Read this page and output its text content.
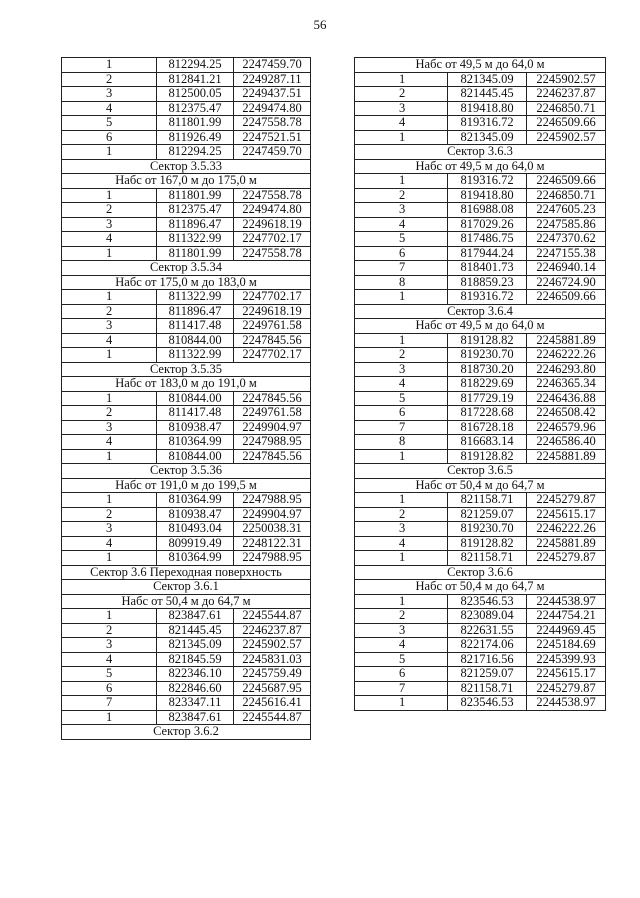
56
1	812294.25	2247459.70
2	812841.21	2249287.11
3	812500.05	2249437.51
4	812375.47	2249474.80
5	811801.99	2247558.78
6	811926.49	2247521.51
1	812294.25	2247459.70
Сектор 3.5.33		
Набс от 167,0 м до 175,0 м		
1	811801.99	2247558.78
2	812375.47	2249474.80
3	811896.47	2249618.19
4	811322.99	2247702.17
1	811801.99	2247558.78
Сектор 3.5.34		
Набс от 175,0 м до 183,0 м		
1	811322.99	2247702.17
2	811896.47	2249618.19
3	811417.48	2249761.58
4	810844.00	2247845.56
1	811322.99	2247702.17
Сектор 3.5.35		
Набс от 183,0 м до 191,0 м		
1	810844.00	2247845.56
2	811417.48	2249761.58
3	810938.47	2249904.97
4	810364.99	2247988.95
1	810844.00	2247845.56
Сектор 3.5.36		
Набс от 191,0 м до 199,5 м		
1	810364.99	2247988.95
2	810938.47	2249904.97
3	810493.04	2250038.31
4	809919.49	2248122.31
1	810364.99	2247988.95
Сектор 3.6 Переходная поверхность		
Сектор 3.6.1		
Набс от 50,4 м до 64,7 м		
1	823847.61	2245544.87
2	821445.45	2246237.87
3	821345.09	2245902.57
4	821845.59	2245831.03
5	822346.10	2245759.49
6	822846.60	2245687.95
7	823347.11	2245616.41
1	823847.61	2245544.87
Сектор 3.6.2		
Набс от 49,5 м до 64,0 м		
1	821345.09	2245902.57
2	821445.45	2246237.87
3	819418.80	2246850.71
4	819316.72	2246509.66
1	821345.09	2245902.57
Сектор 3.6.3		
Набс от 49,5 м до 64,0 м		
1	819316.72	2246509.66
2	819418.80	2246850.71
3	816988.08	2247605.23
4	817029.26	2247585.86
5	817486.75	2247370.62
6	817944.24	2247155.38
7	818401.73	2246940.14
8	818859.23	2246724.90
1	819316.72	2246509.66
Сектор 3.6.4		
Набс от 49,5 м до 64,0 м		
1	819128.82	2245881.89
2	819230.70	2246222.26
3	818730.20	2246293.80
4	818229.69	2246365.34
5	817729.19	2246436.88
6	817228.68	2246508.42
7	816728.18	2246579.96
8	816683.14	2246586.40
1	819128.82	2245881.89
Сектор 3.6.5		
Набс от 50,4 м до 64,7 м		
1	821158.71	2245279.87
2	821259.07	2245615.17
3	819230.70	2246222.26
4	819128.82	2245881.89
1	821158.71	2245279.87
Сектор 3.6.6		
Набс от 50,4 м до 64,7 м		
1	823546.53	2244538.97
2	823089.04	2244754.21
3	822631.55	2244969.45
4	822174.06	2245184.69
5	821716.56	2245399.93
6	821259.07	2245615.17
7	821158.71	2245279.87
1	823546.53	2244538.97
